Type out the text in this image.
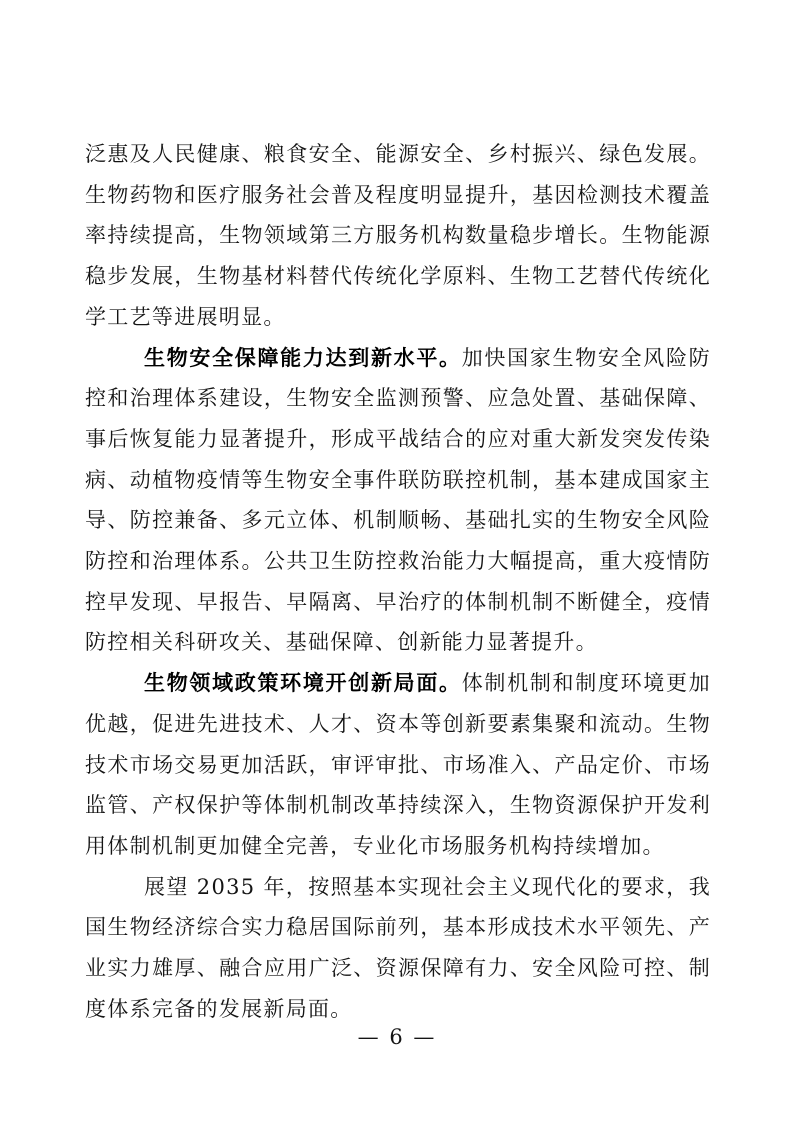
泛惠及人民健康、粮食安全、能源安全、乡村振兴、绿色发展。生物药物和医疗服务社会普及程度明显提升，基因检测技术覆盖率持续提高，生物领域第三方服务机构数量稳步增长。生物能源稳步发展，生物基材料替代传统化学原料、生物工艺替代传统化学工艺等进展明显。

生物安全保障能力达到新水平。加快国家生物安全风险防控和治理体系建设，生物安全监测预警、应急处置、基础保障、事后恢复能力显著提升，形成平战结合的应对重大新发突发传染病、动植物疫情等生物安全事件联防联控机制，基本建成国家主导、防控兼备、多元立体、机制顺畅、基础扎实的生物安全风险防控和治理体系。公共卫生防控救治能力大幅提高，重大疫情防控早发现、早报告、早隔离、早治疗的体制机制不断健全，疫情防控相关科研攻关、基础保障、创新能力显著提升。

生物领域政策环境开创新局面。体制机制和制度环境更加优越，促进先进技术、人才、资本等创新要素集聚和流动。生物技术市场交易更加活跃，审评审批、市场准入、产品定价、市场监管、产权保护等体制机制改革持续深入，生物资源保护开发利用体制机制更加健全完善，专业化市场服务机构持续增加。

展望 2035 年，按照基本实现社会主义现代化的要求，我国生物经济综合实力稳居国际前列，基本形成技术水平领先、产业实力雄厚、融合应用广泛、资源保障有力、安全风险可控、制度体系完备的发展新局面。

— 6 —
